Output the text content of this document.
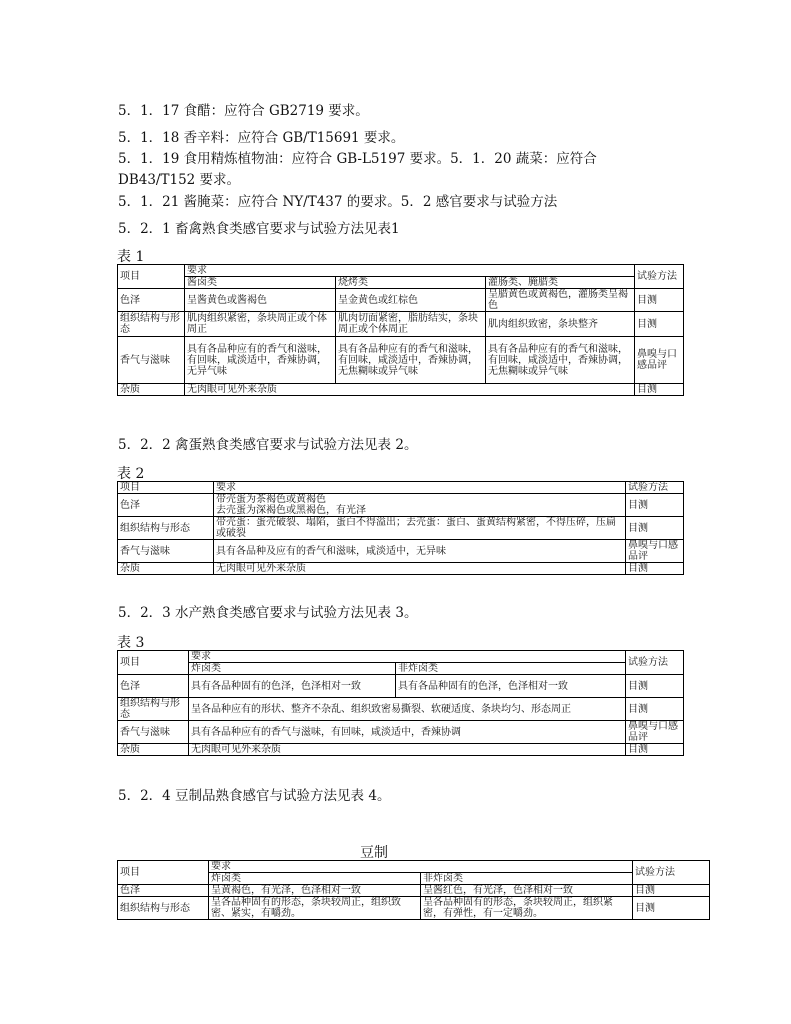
5．1．17 食醋：应符合 GB2719 要求。
5．1．18 香辛料：应符合 GB/T15691 要求。
5．1．19 食用精炼植物油：应符合 GB-L5197 要求。5．1．20 蔬菜：应符合
DB43/T152 要求。
5．1．21 酱腌菜：应符合 NY/T437 的要求。5．2 感官要求与试验方法
5．2．1 畜禽熟食类感官要求与试验方法见表1
表 1
项目	要求			试验方法
	酱卤类	烧烤类	灌肠类、腌腊类	
色泽	呈酱黄色或酱褐色	呈金黄色或红棕色	呈腊黄色或黄褐色，灌肠类呈褐色	目测
组织结构与形态	肌肉组织紧密，条块周正或个体周正	肌肉切面紧密，脂肪结实，条块周正或个体周正	肌肉组织致密，条块整齐	目测
香气与滋味	具有各品种应有的香气和滋味，有回味，咸淡适中，香辣协调，无异气味	具有各品种应有的香气和滋味，有回味，咸淡适中，香辣协调，无焦糊味或异气味	具有各品种应有的香气和滋味，有回味，咸淡适中，香辣协调，无焦糊味或异气味	鼻嗅与口感品评
杂质	无肉眼可见外来杂质			目测
5．2．2 禽蛋熟食类感官要求与试验方法见表 2。
表 2
项目	要求	试验方法
色泽	带壳蛋为茶褐色或黄褐色
去壳蛋为深褐色或黑褐色，有光泽	目测
组织结构与形态	带壳蛋：蛋壳破裂、塌陷，蛋白不得溢出；去壳蛋：蛋白、蛋黄结构紧密，不得压碎，压扁或破裂	目测
香气与滋味	具有各品种及应有的香气和滋味，咸淡适中，无异味	鼻嗅与口感品评
杂质	无肉眼可见外来杂质	目测
5．2．3 水产熟食类感官要求与试验方法见表 3。
表 3
项目	要求		试验方法
	炸卤类	非炸卤类	
色泽	具有各品种固有的色泽，色泽相对一致	具有各品种固有的色泽，色泽相对一致	目测
组织结构与形态	呈各品种应有的形状、整齐不杂乱、组织致密易撕裂、软硬适度、条块均匀、形态周正		目测
香气与滋味	具有各品种应有的香气与滋味，有回味，咸淡适中，香辣协调		鼻嗅与口感品评
杂质	无肉眼可见外来杂质		目测
5．2．4 豆制品熟食感官与试验方法见表 4。
豆制
项目	要求		试验方法
	炸卤类	非炸卤类	
色泽	呈黄褐色，有光泽，色泽相对一致	呈酱红色，有光泽，色泽相对一致	目测
组织结构与形态	呈各品种固有的形态，条块较周正，组织致密、紧实，有嚼劲。	呈各品种固有的形态，条块较周正，组织紧密，有弹性，有一定嚼劲。	目测
